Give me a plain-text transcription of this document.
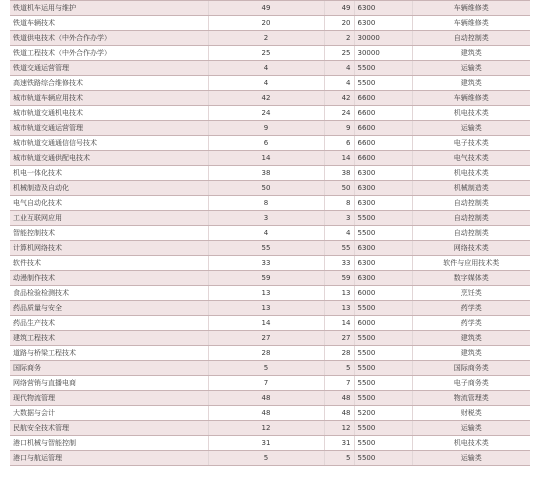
铁道机车运用与维护	49	49	6300	车辆维修类
铁道车辆技术	20	20	6300	车辆维修类
铁道供电技术（中外合作办学）	2	2	30000	自动控制类
铁道工程技术（中外合作办学）	25	25	30000	建筑类
铁道交通运营管理	4	4	5500	运输类
高速铁路综合维修技术	4	4	5500	建筑类
城市轨道车辆应用技术	42	42	6600	车辆维修类
城市轨道交通机电技术	24	24	6600	机电技术类
城市轨道交通运营管理	9	9	6600	运输类
城市轨道交通通信信号技术	6	6	6600	电子技术类
城市轨道交通供配电技术	14	14	6600	电气技术类
机电一体化技术	38	38	6300	机电技术类
机械制造及自动化	50	50	6300	机械制造类
电气自动化技术	8	8	6300	自动控制类
工业互联网应用	3	3	5500	自动控制类
智能控制技术	4	4	5500	自动控制类
计算机网络技术	55	55	6300	网络技术类
软件技术	33	33	6300	软件与应用技术类
动漫制作技术	59	59	6300	数字媒体类
食品检验检测技术	13	13	6000	烹饪类
药品质量与安全	13	13	5500	药学类
药品生产技术	14	14	6000	药学类
建筑工程技术	27	27	5500	建筑类
道路与桥梁工程技术	28	28	5500	建筑类
国际商务	5	5	5500	国际商务类
网络营销与直播电商	7	7	5500	电子商务类
现代物流管理	48	48	5500	物流管理类
大数据与会计	48	48	5200	财税类
民航安全技术管理	12	12	5500	运输类
港口机械与智能控制	31	31	5500	机电技术类
港口与航运管理	5	5	5500	运输类
